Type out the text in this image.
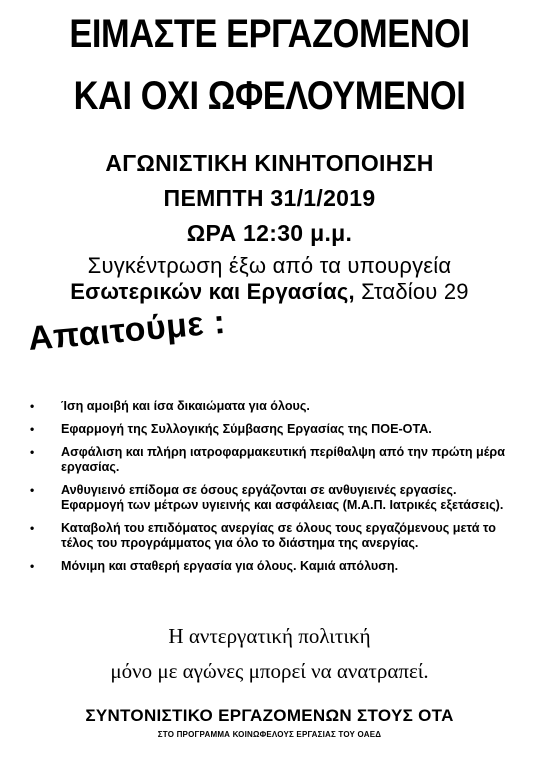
ΕΙΜΑΣΤΕ ΕΡΓΑΖΟΜΕΝΟΙ
ΚΑΙ ΟΧΙ ΩΦΕΛΟΥΜΕΝΟΙ
ΑΓΩΝΙΣΤΙΚΗ ΚΙΝΗΤΟΠΟΙΗΣΗ
ΠΕΜΠΤΗ 31/1/2019
ΩΡΑ 12:30 μ.μ.
Συγκέντρωση έξω από τα υπουργεία
Εσωτερικών και Εργασίας, Σταδίου 29
Απαιτούμε :
• Ίση αμοιβή και ίσα δικαιώματα για όλους.
• Εφαρμογή της Συλλογικής Σύμβασης Εργασίας της ΠΟΕ-ΟΤΑ.
• Ασφάλιση και πλήρη ιατροφαρμακευτική περίθαλψη από την πρώτη μέρα εργασίας.
• Ανθυγιεινό επίδομα σε όσους εργάζονται σε ανθυγιεινές εργασίες. Εφαρμογή των μέτρων υγιεινής και ασφάλειας (Μ.Α.Π. Ιατρικές εξετάσεις).
• Καταβολή του επιδόματος ανεργίας σε όλους τους εργαζόμενους μετά το τέλος του προγράμματος για όλο το διάστημα της ανεργίας.
• Μόνιμη και σταθερή εργασία για όλους. Καμιά απόλυση.
Η αντεργατική πολιτική
μόνο με αγώνες μπορεί να ανατραπεί.
ΣΥΝΤΟΝΙΣΤΙΚΟ ΕΡΓΑΖΟΜΕΝΩΝ ΣΤΟΥΣ ΟΤΑ
ΣΤΟ ΠΡΟΓΡΑΜΜΑ ΚΟΙΝΩΦΕΛΟΥΣ ΕΡΓΑΣΙΑΣ ΤΟΥ ΟΑΕΔ
